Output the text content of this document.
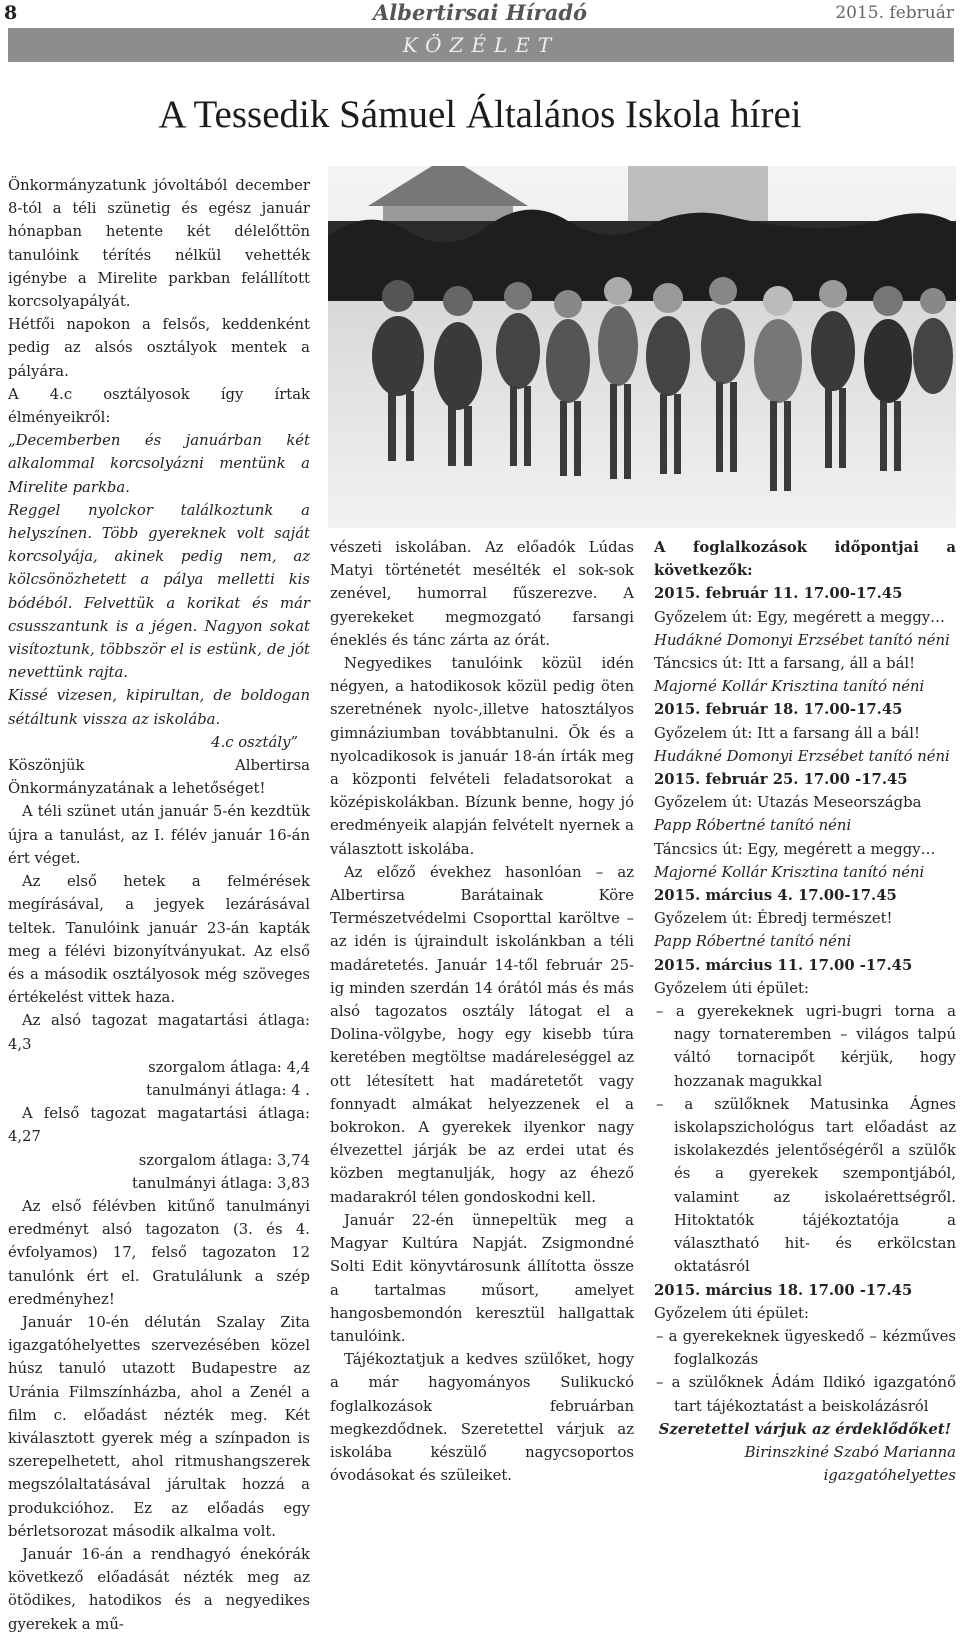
8	Albertirsai Híradó	2015. február
KÖZÉLET
A Tessedik Sámuel Általános Iskola hírei

Önkormányzatunk jóvoltából december 8-tól a téli szünetig és egész január hónapban hetente két délelőttön tanulóink térítés nélkül vehették igénybe a Mirelite parkban felállított korcsolyapályát.

Hétfői napokon a felsős, keddenként pedig az alsós osztályok mentek a pályára.

A 4.c osztályosok így írtak élményeikről:

„Decemberben és januárban két alkalommal korcsolyázni mentünk a Mirelite parkba.

Reggel nyolckor találkoztunk a helyszínen. Több gyereknek volt saját korcsolyája, akinek pedig nem, az kölcsönözhetett a pálya melletti kis bódéból. Felvettük a korikat és már csusszantunk is a jégen. Nagyon sokat visítoztunk, többször el is estünk, de jót nevettünk rajta.

Kissé vizesen, kipirultan, de boldogan sétáltunk vissza az iskolába.

4.c osztály”

Köszönjük Albertirsa Önkormányzatának a lehetőséget!

A téli szünet után január 5-én kezdtük újra a tanulást, az I. félév január 16-án ért véget.

Az első hetek a felmérések megírásával, a jegyek lezárásával teltek. Tanulóink január 23-án kapták meg a félévi bizonyítványukat. Az első és a második osztályosok még szöveges értékelést vittek haza.

Az alsó tagozat magatartási átlaga: 4,3

szorgalom átlaga: 4,4

tanulmányi átlaga: 4 .

A felső tagozat magatartási átlaga: 4,27

szorgalom átlaga: 3,74

tanulmányi átlaga: 3,83

Az első félévben kitűnő tanulmányi eredményt alsó tagozaton (3. és 4. évfolyamos) 17, felső tagozaton 12 tanulónk ért el. Gratulálunk a szép eredményhez!

Január 10-én délután Szalay Zita igazgatóhelyettes szervezésében közel húsz tanuló utazott Budapestre az Uránia Filmszínházba, ahol a Zenél a film c. előadást nézték meg. Két kiválasztott gyerek még a színpadon is szerepelhetett, ahol ritmushangszerek megszólaltatásával járultak hozzá a produkcióhoz. Ez az előadás egy bérletsorozat második alkalma volt.

Január 16-án a rendhagyó énekórák következő előadását nézték meg az ötödikes, hatodikos és a negyedikes gyerekek a mű-

vészeti iskolában. Az előadók Lúdas Matyi történetét mesélték el sok-sok zenével, humorral fűszerezve. A gyerekeket megmozgató farsangi éneklés és tánc zárta az órát.

Negyedikes tanulóink közül idén négyen, a hatodikosok közül pedig öten szeretnének nyolc-,illetve hatosztályos gimnáziumban továbbtanulni. Ők és a nyolcadikosok is január 18-án írták meg a központi felvételi feladatsorokat a középiskolákban. Bízunk benne, hogy jó eredményeik alapján felvételt nyernek a választott iskolába.

Az előző évekhez hasonlóan – az Albertirsa Barátainak Köre Természetvédelmi Csoporttal karöltve – az idén is újraindult iskolánkban a téli madáretetés. Január 14-től február 25-ig minden szerdán 14 órától más és más alsó tagozatos osztály látogat el a Dolina-völgybe, hogy egy kisebb túra keretében megtöltse madáreleséggel az ott létesített hat madáretetőt vagy fonnyadt almákat helyezzenek el a bokrokon. A gyerekek ilyenkor nagy élvezettel járják be az erdei utat és közben megtanulják, hogy az éhező madarakról télen gondoskodni kell.

Január 22-én ünnepeltük meg a Magyar Kultúra Napját. Zsigmondné Solti Edit könyvtárosunk állította össze a tartalmas műsort, amelyet hangosbemondón keresztül hallgattak tanulóink.

Tájékoztatjuk a kedves szülőket, hogy a már hagyományos Sulikuckó foglalkozások februárban megkezdődnek. Szeretettel várjuk az iskolába készülő nagycsoportos óvodásokat és szüleiket.

A foglalkozások időpontjai a következők:

2015. február 11. 17.00-17.45

Győzelem út: Egy, megérett a meggy…

Hudákné Domonyi Erzsébet tanító néni

Táncsics út: Itt a farsang, áll a bál!

Majorné Kollár Krisztina tanító néni

2015. február 18. 17.00-17.45

Győzelem út: Itt a farsang áll a bál!

Hudákné Domonyi Erzsébet tanító néni

2015. február 25. 17.00 -17.45

Győzelem út: Utazás Meseországba

Papp Róbertné tanító néni

Táncsics út: Egy, megérett a meggy…

Majorné Kollár Krisztina tanító néni

2015. március 4. 17.00-17.45

Győzelem út: Ébredj természet!

Papp Róbertné tanító néni

2015. március 11. 17.00 -17.45

Győzelem úti épület:

– a gyerekeknek ugri-bugri torna a nagy tornateremben – világos talpú váltó tornacipőt kérjük, hogy hozzanak magukkal

– a szülőknek Matusinka Ágnes iskolapszichológus tart előadást az iskolakezdés jelentőségéről a szülők és a gyerekek szempontjából, valamint az iskolaérettségről. Hitoktatók tájékoztatója a választható hit- és erkölcstan oktatásról

2015. március 18. 17.00 -17.45

Győzelem úti épület:

– a gyerekeknek ügyeskedő – kézműves foglalkozás

– a szülőknek Ádám Ildikó igazgatónő tart tájékoztatást a beiskolázásról

Szeretettel várjuk az érdeklődőket!

Birinszkiné Szabó Marianna

igazgatóhelyettes
